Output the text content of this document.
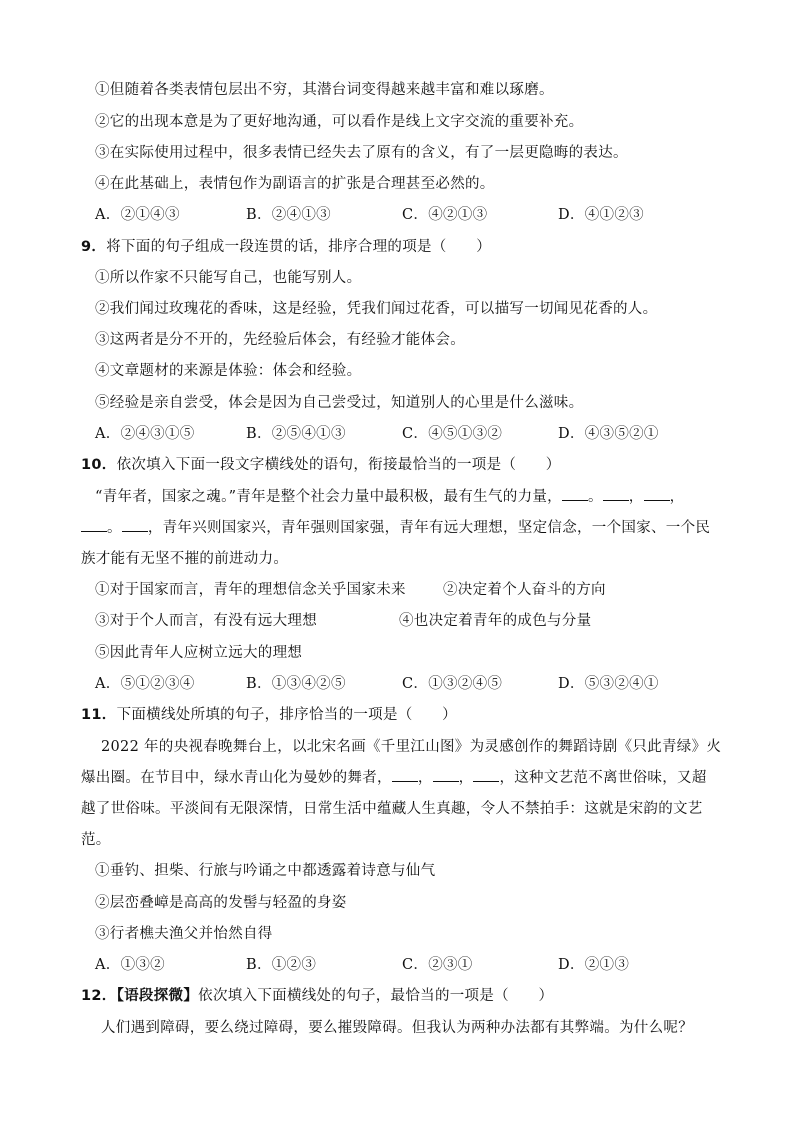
①但随着各类表情包层出不穷，其潜台词变得越来越丰富和难以琢磨。
②它的出现本意是为了更好地沟通，可以看作是线上文字交流的重要补充。
③在实际使用过程中，很多表情已经失去了原有的含义，有了一层更隐晦的表达。
④在此基础上，表情包作为副语言的扩张是合理甚至必然的。
A．②①④③	B．②④①③	C．④②①③	D．④①②③
9．将下面的句子组成一段连贯的话，排序合理的项是（　　）
①所以作家不只能写自己，也能写别人。
②我们闻过玫瑰花的香味，这是经验，凭我们闻过花香，可以描写一切闻见花香的人。
③这两者是分不开的，先经验后体会，有经验才能体会。
④文章题材的来源是体验：体会和经验。
⑤经验是亲自尝受，体会是因为自己尝受过，知道别人的心里是什么滋味。
A．②④③①⑤	B．②⑤④①③	C．④⑤①③②	D．④③⑤②①
10．依次填入下面一段文字横线处的语句，衔接最恰当的一项是（　　）
“青年者，国家之魂。”青年是整个社会力量中最积极，最有生气的力量， 。 ， ，
。 ，青年兴则国家兴，青年强则国家强，青年有远大理想，坚定信念，一个国家、一个民
族才能有无坚不摧的前进动力。
①对于国家而言，青年的理想信念关乎国家未来	②决定着个人奋斗的方向
③对于个人而言，有没有远大理想	④也决定着青年的成色与分量
⑤因此青年人应树立远大的理想
A．⑤①②③④	B．①③④②⑤	C．①③②④⑤	D．⑤③②④①
11．下面横线处所填的句子，排序恰当的一项是（　　）
2022 年的央视春晚舞台上，以北宋名画《千里江山图》为灵感创作的舞蹈诗剧《只此青绿》火
爆出圈。在节目中，绿水青山化为曼妙的舞者， ， ， ，这种文艺范不离世俗味，又超
越了世俗味。平淡间有无限深情，日常生活中蕴藏人生真趣，令人不禁拍手：这就是宋韵的文艺
范。
①垂钓、担柴、行旅与吟诵之中都透露着诗意与仙气
②层峦叠嶂是高高的发髻与轻盈的身姿
③行者樵夫渔父并怡然自得
A．①③②	B．①②③	C．②③①	D．②①③
12．【语段探微】依次填入下面横线处的句子，最恰当的一项是（　　）
人们遇到障碍，要么绕过障碍，要么摧毁障碍。但我认为两种办法都有其弊端。为什么呢？
